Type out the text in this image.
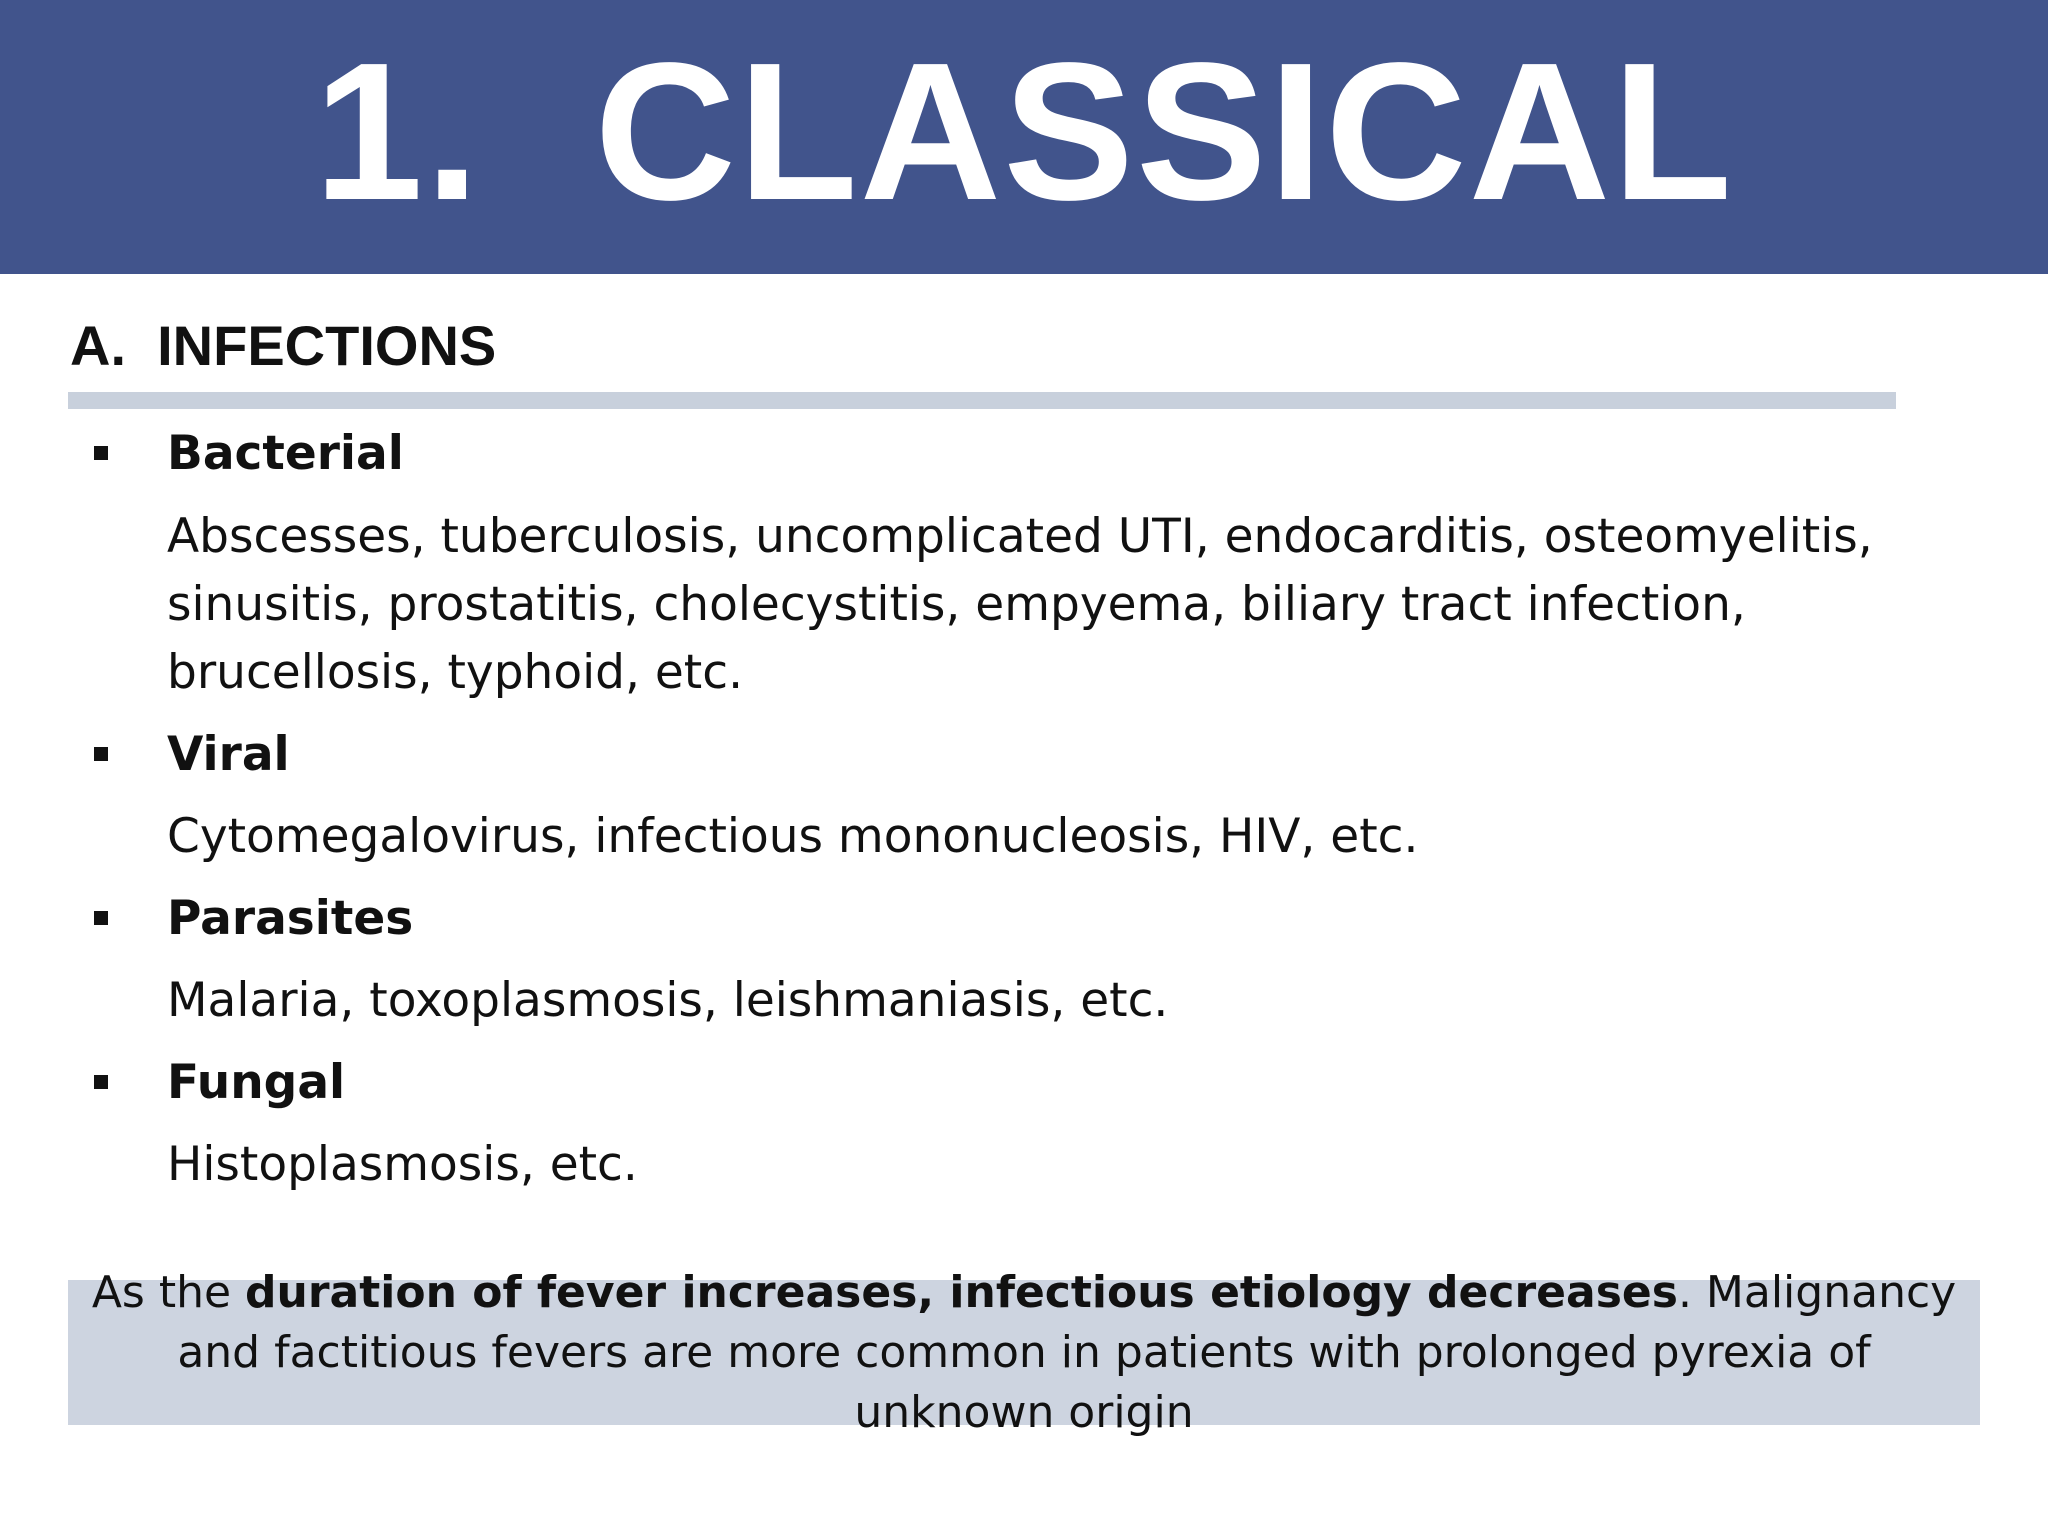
1.  CLASSICAL
A.  INFECTIONS
Bacterial
Abscesses, tuberculosis, uncomplicated UTI, endocarditis, osteomyelitis, sinusitis, prostatitis, cholecystitis, empyema, biliary tract infection, brucellosis, typhoid, etc.
Viral
Cytomegalovirus, infectious mononucleosis, HIV, etc.
Parasites
Malaria, toxoplasmosis, leishmaniasis, etc.
Fungal
Histoplasmosis, etc.
As the duration of fever increases, infectious etiology decreases. Malignancy and factitious fevers are more common in patients with prolonged pyrexia of unknown origin
